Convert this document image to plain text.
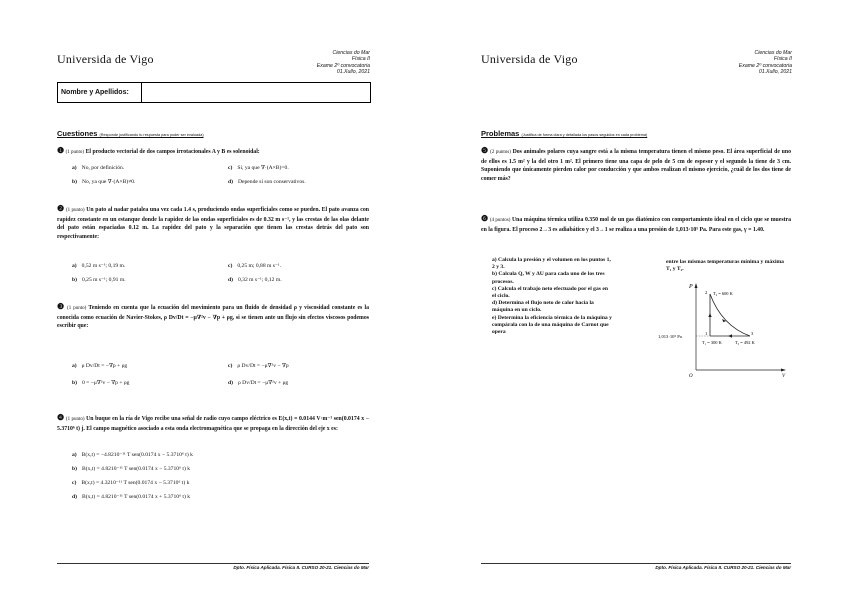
Universida de Vigo	Ciencias do Mar
Física II
Exame 2º convocatoria
01.Xullo, 2021
Nombre y Apellidos:
Cuestiones (Responde justificando tu respuesta para poder ser evaluada)
❶ (1 punto) El producto vectorial de dos campos irrotacionales A y B es solenoidal:
a) No, por definición.
b) No, ya que ∇·(A×B)≠0.
c) Sí, ya que ∇·(A×B)=0.
d) Depende si son conservativos.
❷ (1 punto) Un pato al nadar patalea una vez cada 1.4 s, produciendo ondas superficiales como se pueden. El pato avanza con rapidez constante en un estanque donde la rapidez de las ondas superficiales es de 0.32 m s⁻¹, y las crestas de las olas delante del pato están espaciadas 0.12 m. La rapidez del pato y la separación que tienen las crestas detrás del pato son respectivamente:
a) 0,52 m s⁻¹; 0,19 m.
b) 0,25 m s⁻¹; 0,91 m.
c) 0,25 m; 0,88 m s⁻¹.
d) 0,32 m s⁻¹; 0,12 m.
❸ (1 punto) Teniendo en cuenta que la ecuación del movimiento para un fluido de densidad ρ y viscosidad constante es la conocida como ecuación de Navier-Stokes, ρ Dv/Dt = −μ∇²v − ∇p + ρg, si se tienen ante un flujo sin efectos viscosos podemos escribir que:
a) ρ Dv/Dt = −∇p + ρg
b) 0 = −μ∇²v − ∇p + ρg
c) ρ Dv/Dt = −μ∇²v − ∇p
d) ρ Dv/Dt = −μ∇²v + ρg
❹ (1 punto) Un buque en la ría de Vigo recibe una señal de radio cuyo campo eléctrico es E(x,t) = 0.0144 V·m⁻¹ sen(0.0174 x − 5.3710⁶ t) j. El campo magnético asociado a esta onda electromagnética que se propaga en la dirección del eje x es:
a) B(x,t) = −4.8210⁻¹¹ T sen(0.0174 x − 5.3710⁶ t) k
b) B(x,t) = 4.8210⁻¹¹ T sen(0.0174 x − 5.3710⁶ t) k
c) B(x,t) = 4.3210⁻¹¹ T sen(0.0174 x − 5.3710⁶ t) k
d) B(x,t) = 4.8210⁻¹¹ T sen(0.0174 x + 5.3710⁶ t) k
Dpto. Física Aplicada. Física II. CURSO 20-21. Ciencias do Mar
Universida de Vigo	Ciencias do Mar
Física II
Exame 2º convocatoria
01.Xullo, 2021
Problemas (Justifica de forma clara y detallada los pasos seguidos en cada problema)
❺ (2 puntos) Dos animales polares cuya sangre está a la misma temperatura tienen el mismo peso. El área superficial de uno de ellos es 1.5 m² y la del otro 1 m². El primero tiene una capa de pelo de 5 cm de espesor y el segundo la tiene de 3 cm. Suponiendo que únicamente pierden calor por conducción y que ambos realizan el mismo ejercicio, ¿cuál de los dos tiene de comer más?
❻ (4 puntos) Una máquina térmica utiliza 0.350 mol de un gas diatómico con comportamiento ideal en el ciclo que se muestra en la figura. El proceso 2→3 es adiabático y el 3→1 se realiza a una presión de 1,013·10⁵ Pa. Para este gas, γ = 1.40.
a) Calcula la presión y el volumen en los puntos 1, 2 y 3.
b) Calcula Q, W y ΔU para cada uno de los tres procesos.
c) Calcula el trabajo neto efectuado por el gas en el ciclo.
d) Determina el flujo neto de calor hacia la máquina en un ciclo.
e) Determina la eficiencia térmica de la máquina y compárala con la de una máquina de Carnot que opera
entre las mismas temperaturas mínima y máxima T₁ y T₂.
P
V
O
1,013·10⁵ Pa
1
2
3
T₂ = 600 K
T₁ = 300 K	T₃ = 492 K
Dpto. Física Aplicada. Física II. CURSO 20-21. Ciencias do Mar
